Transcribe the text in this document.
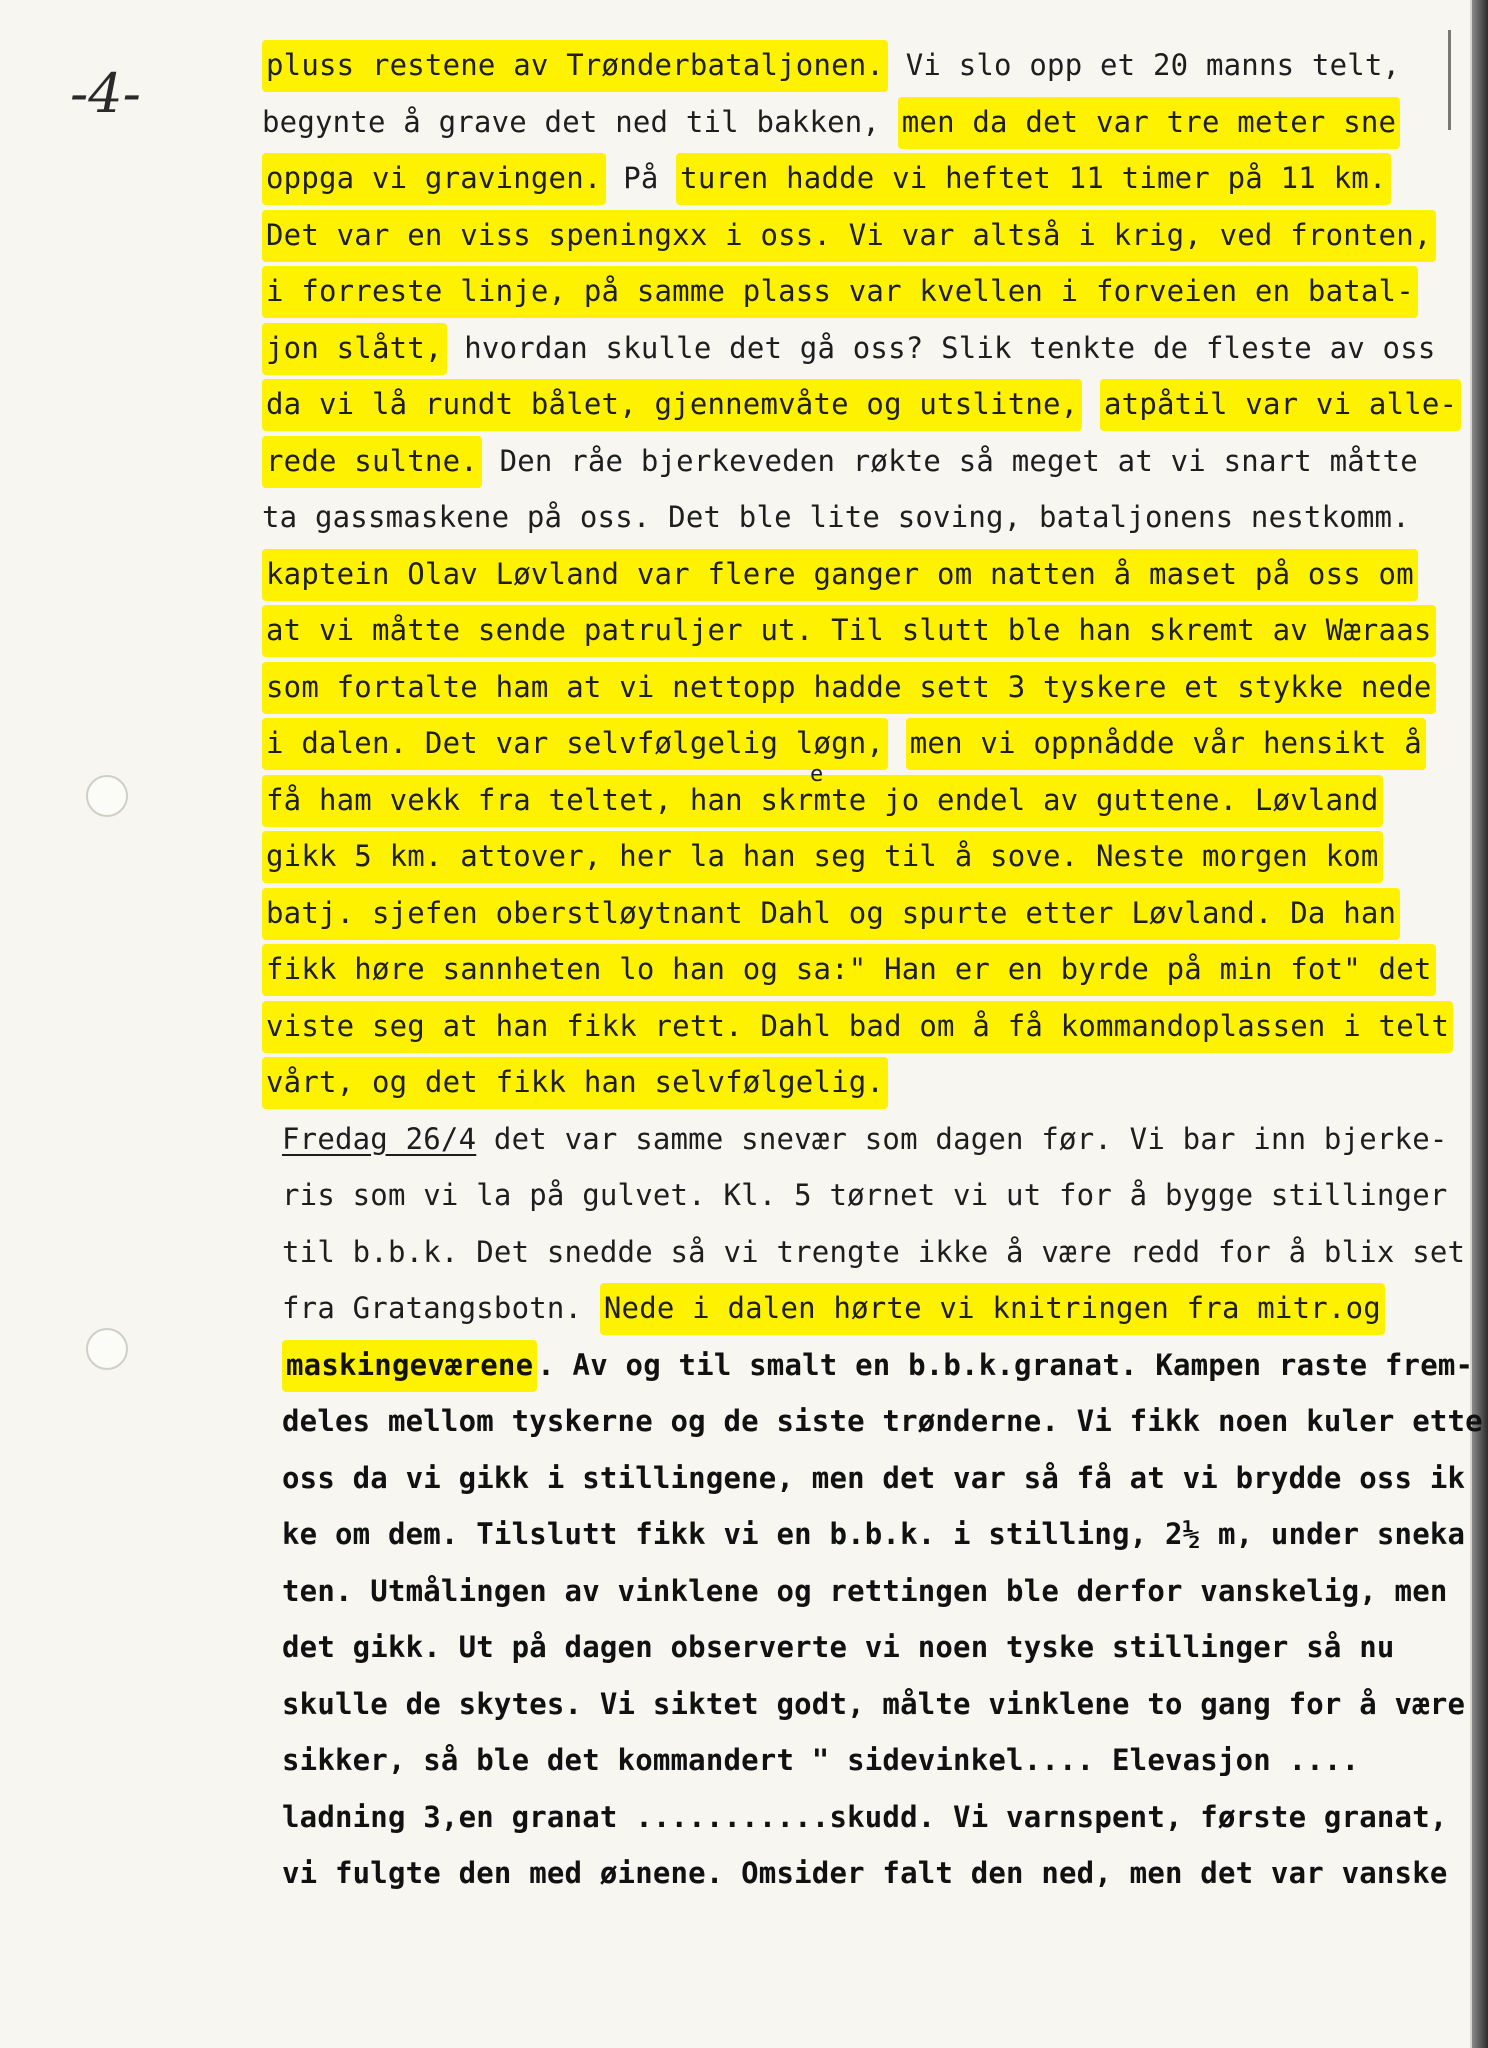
-4-	pluss restene av Trønderbataljonen. Vi slo opp et 20 manns telt,
begynte å grave det ned til bakken, men da det var tre meter sne
oppga vi gravingen. På turen hadde vi heftet 11 timer på 11 km.
Det var en viss speningxx i oss. Vi var altså i krig, ved fronten,
i forreste linje, på samme plass var kvellen i forveien en batal-
jon slått, hvordan skulle det gå oss? Slik tenkte de fleste av oss
da vi lå rundt bålet, gjennemvåte og utslitne, atpåtil var vi alle-
rede sultne. Den råe bjerkeveden røkte så meget at vi snart måtte
ta gassmaskene på oss. Det ble lite soving, bataljonens nestkomm.
kaptein Olav Løvland var flere ganger om natten å maset på oss om
at vi måtte sende patruljer ut. Til slutt ble han skremt av Wæraas
som fortalte ham at vi nettopp hadde sett 3 tyskere et stykke nede
i dalen. Det var selvfølgelig løgn, men vi oppnådde vår hensikt å
få ham vekk fra teltet, han skrmte jo endel av guttene. Løvland
gikk 5 km. attover, her la han seg til å sove. Neste morgen kom
batj. sjefen oberstløytnant Dahl og spurte etter Løvland. Da han
fikk høre sannheten lo han og sa:" Han er en byrde på min fot" det
viste seg at han fikk rett. Dahl bad om å få kommandoplassen i telt
vårt, og det fikk han selvfølgelig.
Fredag 26/4 det var samme snevær som dagen før. Vi bar inn bjerke-
ris som vi la på gulvet. Kl. 5 tørnet vi ut for å bygge stillinger
til b.b.k. Det snedde så vi trengte ikke å være redd for å blix set
fra Gratangsbotn. Nede i dalen hørte vi knitringen fra mitr.og
maskingeværene . Av og til smalt en b.b.k.granat. Kampen raste frem-
deles mellom tyskerne og de siste trønderne. Vi fikk noen kuler ette
oss da vi gikk i stillingene, men det var så få at vi brydde oss ik
ke om dem. Tilslutt fikk vi en b.b.k. i stilling, 2½ m, under sneka
ten. Utmålingen av vinklene og rettingen ble derfor vanskelig, men
det gikk. Ut på dagen observerte vi noen tyske stillinger så nu
skulle de skytes. Vi siktet godt, målte vinklene to gang for å være
sikker, så ble det kommandert " sidevinkel.... Elevasjon ....
ladning 3,en granat ...........skudd. Vi varnspent, første granat,
vi fulgte den med øinene. Omsider falt den ned, men det var vanske
e
